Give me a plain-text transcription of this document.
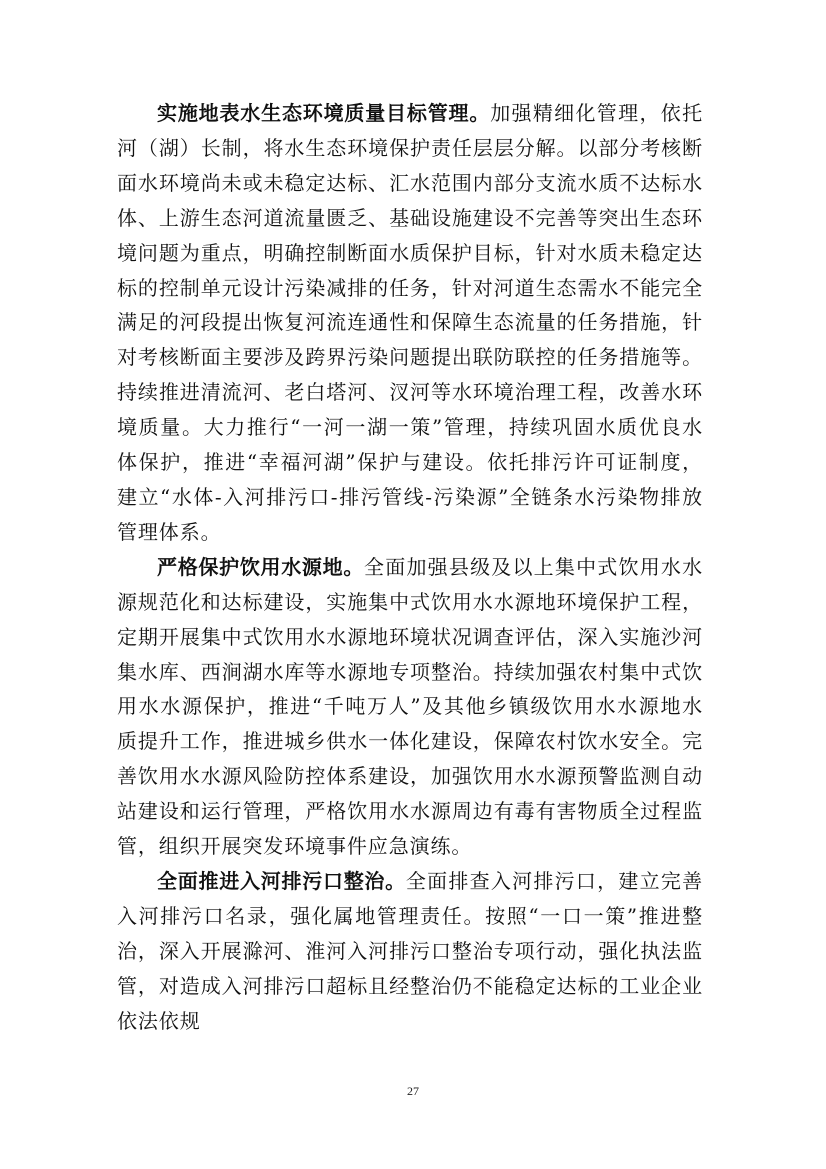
实施地表水生态环境质量目标管理。加强精细化管理，依托河（湖）长制，将水生态环境保护责任层层分解。以部分考核断面水环境尚未或未稳定达标、汇水范围内部分支流水质不达标水体、上游生态河道流量匮乏、基础设施建设不完善等突出生态环境问题为重点，明确控制断面水质保护目标，针对水质未稳定达标的控制单元设计污染减排的任务，针对河道生态需水不能完全满足的河段提出恢复河流连通性和保障生态流量的任务措施，针对考核断面主要涉及跨界污染问题提出联防联控的任务措施等。持续推进清流河、老白塔河、汊河等水环境治理工程，改善水环境质量。大力推行“一河一湖一策”管理，持续巩固水质优良水体保护，推进“幸福河湖”保护与建设。依托排污许可证制度，建立“水体-入河排污口-排污管线-污染源”全链条水污染物排放管理体系。

严格保护饮用水源地。全面加强县级及以上集中式饮用水水源规范化和达标建设，实施集中式饮用水水源地环境保护工程，定期开展集中式饮用水水源地环境状况调查评估，深入实施沙河集水库、西涧湖水库等水源地专项整治。持续加强农村集中式饮用水水源保护，推进“千吨万人”及其他乡镇级饮用水水源地水质提升工作，推进城乡供水一体化建设，保障农村饮水安全。完善饮用水水源风险防控体系建设，加强饮用水水源预警监测自动站建设和运行管理，严格饮用水水源周边有毒有害物质全过程监管，组织开展突发环境事件应急演练。

全面推进入河排污口整治。全面排查入河排污口，建立完善入河排污口名录，强化属地管理责任。按照“一口一策”推进整治，深入开展滁河、淮河入河排污口整治专项行动，强化执法监管，对造成入河排污口超标且经整治仍不能稳定达标的工业企业依法依规

27
